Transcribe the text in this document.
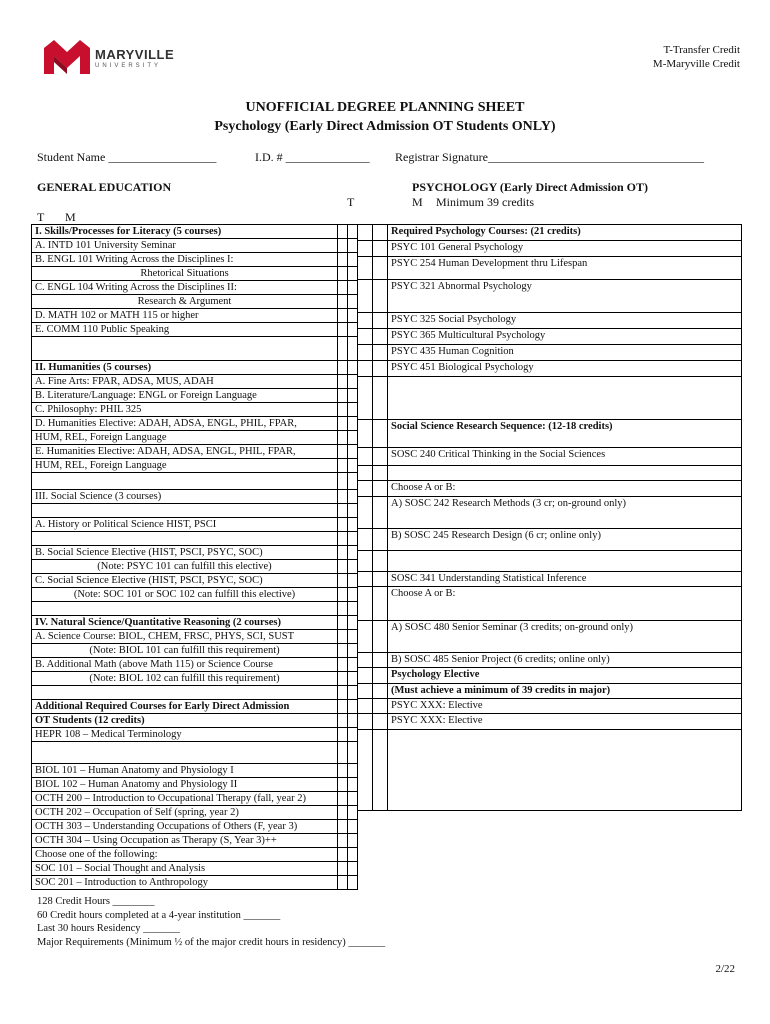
MARYVILLE
UNIVERSITY
T-Transfer Credit
M-Maryville Credit
UNOFFICIAL DEGREE PLANNING SHEET
Psychology (Early Direct Admission OT Students ONLY)
Student Name __________________	I.D. # ______________ Registrar Signature____________________________________
GENERAL EDUCATION	PSYCHOLOGY (Early Direct Admission OT)
T	M Minimum 39 credits
T M
I. Skills/Processes for Literacy (5 courses)		
A. INTD 101 University Seminar		
B. ENGL 101 Writing Across the Disciplines I:		
Rhetorical Situations		
C. ENGL 104 Writing Across the Disciplines II:		
Research & Argument		
D. MATH 102 or MATH 115 or higher		
E. COMM 110 Public Speaking		

II. Humanities (5 courses)		
A. Fine Arts: FPAR, ADSA, MUS, ADAH		
B. Literature/Language: ENGL or Foreign Language		
C. Philosophy: PHIL 325		
D. Humanities Elective: ADAH, ADSA, ENGL, PHIL, FPAR,		
HUM, REL, Foreign Language		
E. Humanities Elective: ADAH, ADSA, ENGL, PHIL, FPAR,		
HUM, REL, Foreign Language		

III. Social Science (3 courses)		

A. History or Political Science HIST, PSCI		

B. Social Science Elective (HIST, PSCI, PSYC, SOC)		
(Note: PSYC 101 can fulfill this elective)		
C. Social Science Elective (HIST, PSCI, PSYC, SOC)		
(Note: SOC 101 or SOC 102 can fulfill this elective)		

IV. Natural Science/Quantitative Reasoning (2 courses)		
A. Science Course: BIOL, CHEM, FRSC, PHYS, SCI, SUST		
(Note: BIOL 101 can fulfill this requirement)		
B. Additional Math (above Math 115) or Science Course		
(Note: BIOL 102 can fulfill this requirement)		

Additional Required Courses for Early Direct Admission		
OT Students (12 credits)		
HEPR 108 – Medical Terminology		

BIOL 101 – Human Anatomy and Physiology I		
BIOL 102 – Human Anatomy and Physiology II		
OCTH 200 – Introduction to Occupational Therapy (fall, year 2)		
OCTH 202 – Occupation of Self (spring, year 2)		
OCTH 303 – Understanding Occupations of Others (F, year 3)		
OCTH 304 – Using Occupation as Therapy (S, Year 3)++		
Choose one of the following:		
SOC 101 – Social Thought and Analysis		
SOC 201 – Introduction to Anthropology		
		Required Psychology Courses: (21 credits)
		PSYC 101 General Psychology
		PSYC 254 Human Development thru Lifespan
		PSYC 321 Abnormal Psychology
		PSYC 325 Social Psychology
		PSYC 365 Multicultural Psychology
		PSYC 435 Human Cognition
		PSYC 451 Biological Psychology

		Social Science Research Sequence: (12-18 credits)
		SOSC 240 Critical Thinking in the Social Sciences

		Choose A or B:
		A) SOSC 242 Research Methods (3 cr; on-ground only)
		B) SOSC 245 Research Design (6 cr; online only)

		SOSC 341 Understanding Statistical Inference
		Choose A or B:
		A) SOSC 480 Senior Seminar (3 credits; on-ground only)
		B) SOSC 485 Senior Project (6 credits; online only)
		Psychology Elective
		(Must achieve a minimum of 39 credits in major)
		PSYC XXX: Elective
		PSYC XXX: Elective

128 Credit Hours ________
60 Credit hours completed at a 4-year institution _______
Last 30 hours Residency _______
Major Requirements (Minimum ½ of the major credit hours in residency) _______
2/22
